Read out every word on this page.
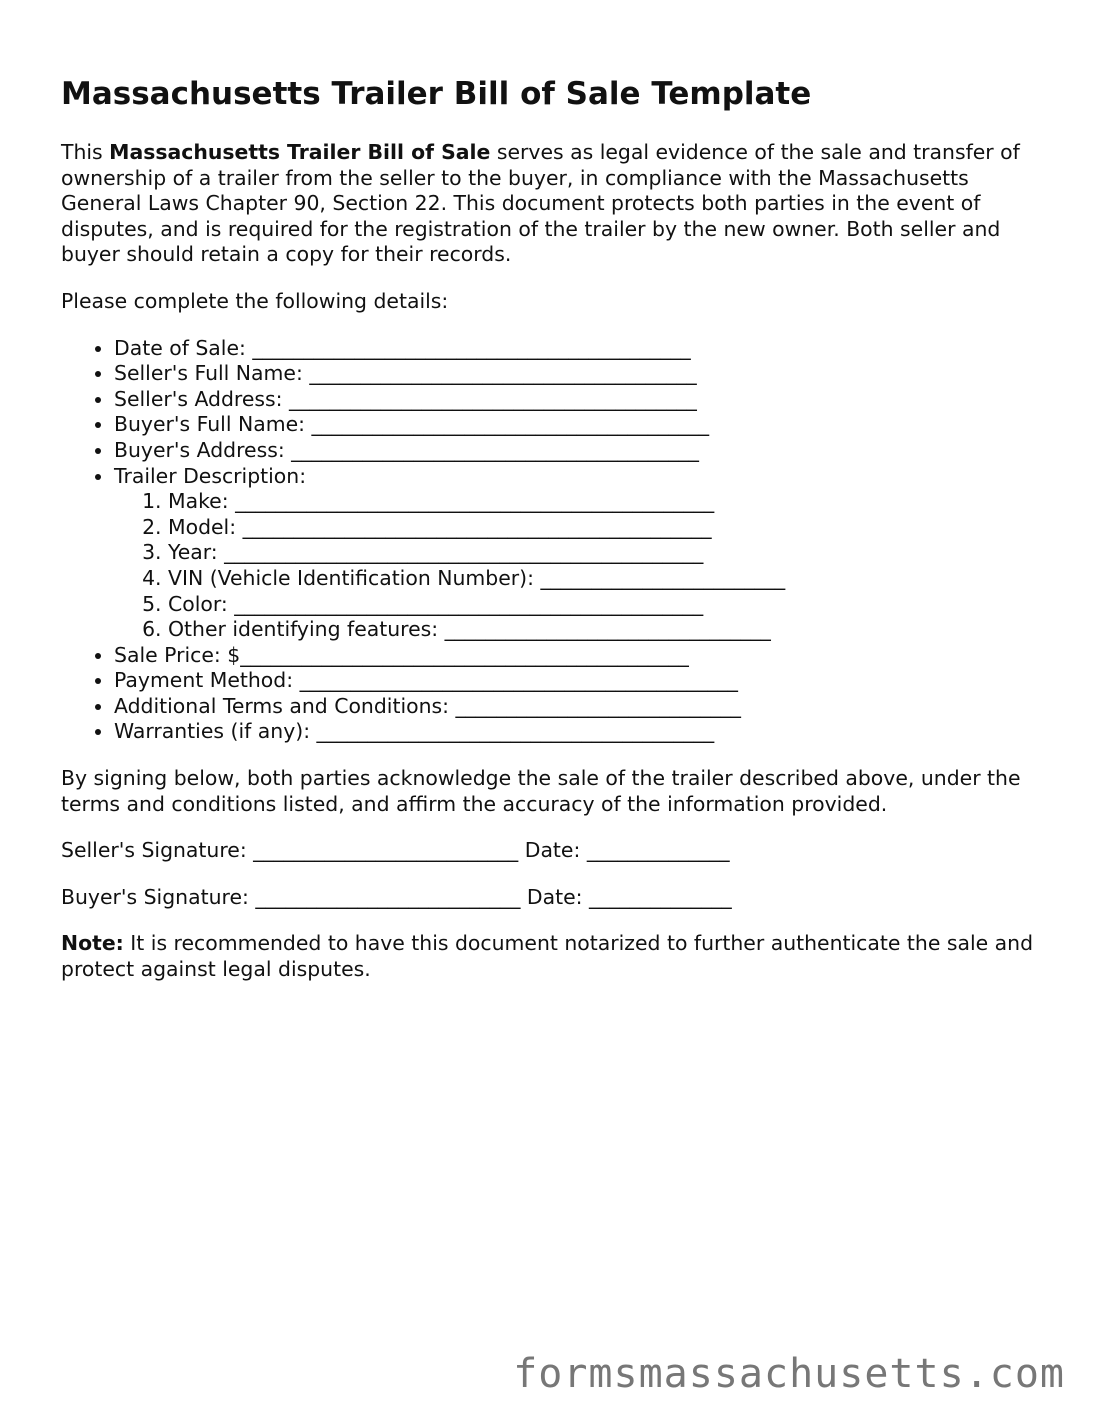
Massachusetts Trailer Bill of Sale Template

This Massachusetts Trailer Bill of Sale serves as legal evidence of the sale and transfer of ownership of a trailer from the seller to the buyer, in compliance with the Massachusetts General Laws Chapter 90, Section 22. This document protects both parties in the event of disputes, and is required for the registration of the trailer by the new owner. Both seller and buyer should retain a copy for their records.

Please complete the following details:

• Date of Sale: ___________________________________________
• Seller's Full Name: ______________________________________
• Seller's Address: ________________________________________
• Buyer's Full Name: _______________________________________
• Buyer's Address: ________________________________________
• Trailer Description:
1. Make: _______________________________________________
2. Model: ______________________________________________
3. Year: _______________________________________________
4. VIN (Vehicle Identification Number): ________________________
5. Color: ______________________________________________
6. Other identifying features: ________________________________
• Sale Price: $____________________________________________
• Payment Method: ___________________________________________
• Additional Terms and Conditions: ____________________________
• Warranties (if any): _______________________________________

By signing below, both parties acknowledge the sale of the trailer described above, under the terms and conditions listed, and affirm the accuracy of the information provided.

Seller's Signature: __________________________ Date: ______________

Buyer's Signature: __________________________ Date: ______________

Note: It is recommended to have this document notarized to further authenticate the sale and protect against legal disputes.

formsmassachusetts.com
